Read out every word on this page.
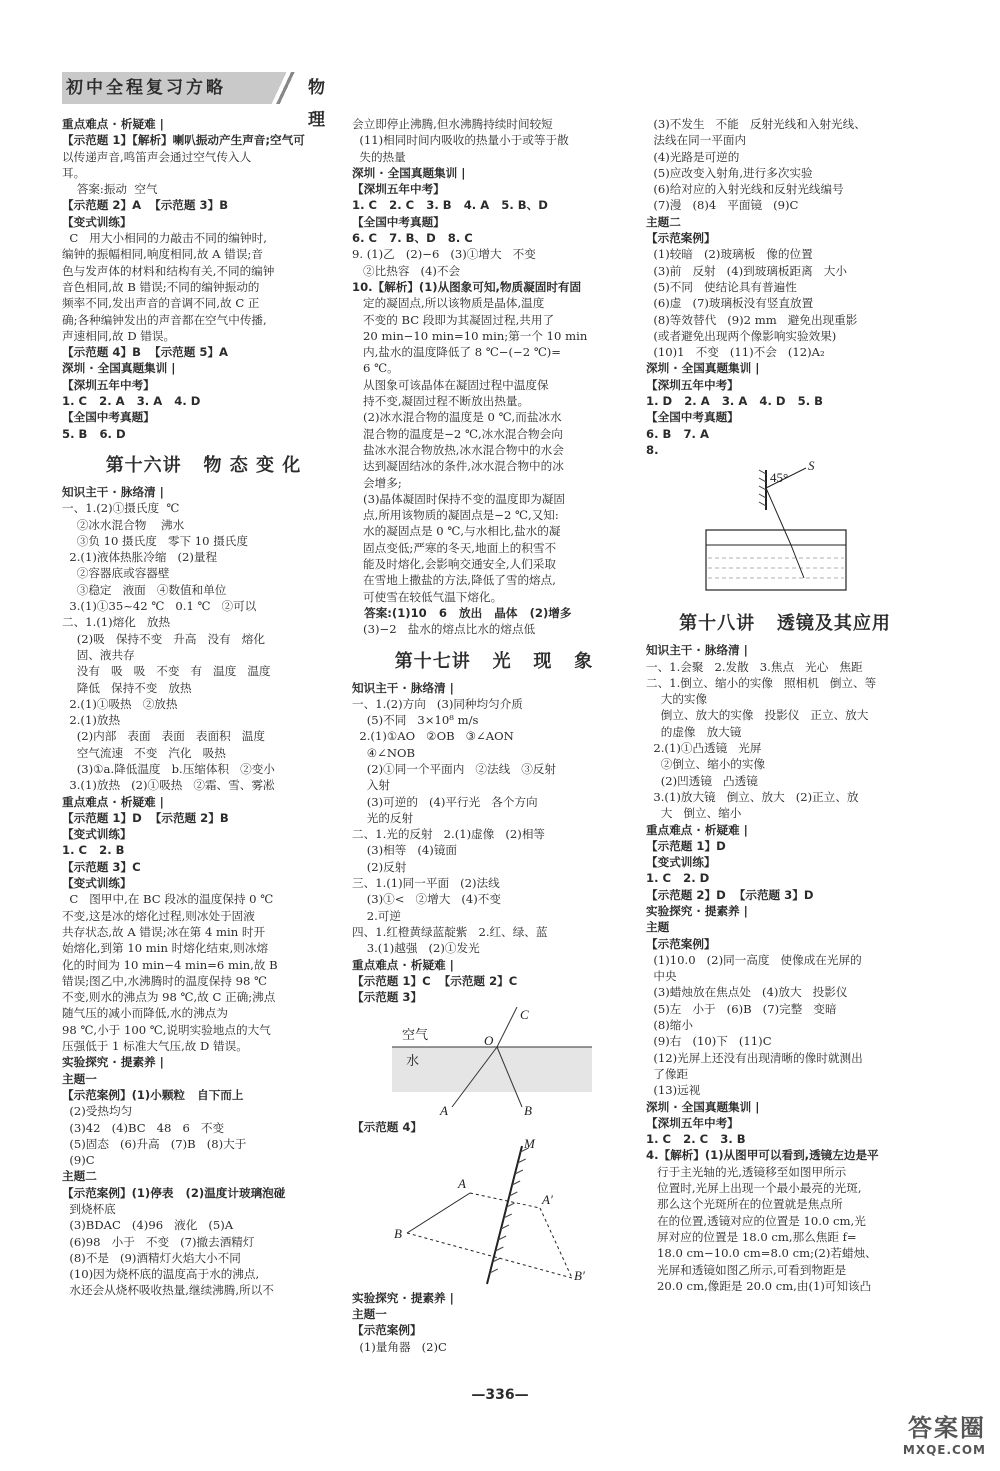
初中全程复习方略	物理
重点难点 · 析疑难 |
【示范题 1】【解析】喇叭振动产生声音;空气可
以传递声音,鸣笛声会通过空气传入人
耳。
答案:振动  空气
【示范题 2】A  【示范题 3】B
【变式训练】
C   用大小相同的力敲击不同的编钟时,
编钟的振幅相同,响度相同,故 A 错误;音
色与发声体的材料和结构有关,不同的编钟
音色相同,故 B 错误;不同的编钟振动的
频率不同,发出声音的音调不同,故 C 正
确;各种编钟发出的声音都在空气中传播,
声速相同,故 D 错误。
【示范题 4】B  【示范题 5】A
深圳 · 全国真题集训 |
【深圳五年中考】
1. C   2. A   3. A   4. D
【全国中考真题】
5. B   6. D
第十六讲   物 态 变 化
知识主干 · 脉络清 |
一、1.(2)①摄氏度  ℃
②冰水混合物    沸水
③负 10 摄氏度   零下 10 摄氏度
2.(1)液体热胀冷缩   (2)量程
②容器底或容器壁
③稳定   液面   ④数值和单位
3.(1)①35~42 ℃   0.1 ℃   ②可以
二、1.(1)熔化   放热
(2)吸   保持不变   升高   没有   熔化
固、液共存
没有   吸   吸   不变   有   温度   温度
降低   保持不变   放热
2.(1)①吸热   ②放热
2.(1)放热
(2)内部   表面   表面   表面积   温度
空气流速   不变   汽化   吸热
(3)①a.降低温度   b.压缩体积   ②变小
3.(1)放热   (2)①吸热   ②霜、雪、雾凇
重点难点 · 析疑难 |
【示范题 1】D  【示范题 2】B
【变式训练】
1. C   2. B
【示范题 3】C
【变式训练】
C   图甲中,在 BC 段冰的温度保持 0 ℃
不变,这是冰的熔化过程,则冰处于固液
共存状态,故 A 错误;冰在第 4 min 时开
始熔化,到第 10 min 时熔化结束,则冰熔
化的时间为 10 min−4 min=6 min,故 B
错误;图乙中,水沸腾时的温度保持 98 ℃
不变,则水的沸点为 98 ℃,故 C 正确;沸点
随气压的减小而降低,水的沸点为
98 ℃,小于 100 ℃,说明实验地点的大气
压强低于 1 标准大气压,故 D 错误。
实验探究 · 提素养 |
主题一
【示范案例】(1)小颗粒   自下而上
(2)受热均匀
(3)42   (4)BC   48   6   不变
(5)固态   (6)升高   (7)B   (8)大于
(9)C
主题二
【示范案例】(1)停表   (2)温度计玻璃泡碰
到烧杯底
(3)BDAC   (4)96   液化   (5)A
(6)98   小于   不变   (7)撤去酒精灯
(8)不是   (9)酒精灯火焰大小不同
(10)因为烧杯底的温度高于水的沸点,
水还会从烧杯吸收热量,继续沸腾,所以不
会立即停止沸腾,但水沸腾持续时间较短
(11)相同时间内吸收的热量小于或等于散
失的热量
深圳 · 全国真题集训 |
【深圳五年中考】
1. C   2. C   3. B   4. A   5. B、D
【全国中考真题】
6. C   7. B、D   8. C
9. (1)乙   (2)−6   (3)①增大   不变
②比热容   (4)不会
10.【解析】(1)从图象可知,物质凝固时有固
定的凝固点,所以该物质是晶体,温度
不变的 BC 段即为其凝固过程,共用了
20 min−10 min=10 min;第一个 10 min
内,盐水的温度降低了 8 ℃−(−2 ℃)=
6 ℃。
从图象可该晶体在凝固过程中温度保
持不变,凝固过程不断放出热量。
(2)冰水混合物的温度是 0 ℃,而盐冰水
混合物的温度是−2 ℃,冰水混合物会向
盐冰水混合物放热,冰水混合物中的水会
达到凝固结冰的条件,冰水混合物中的冰
会增多;
(3)晶体凝固时保持不变的温度即为凝固
点,所用该物质的凝固点是−2 ℃,又知:
水的凝固点是 0 ℃,与水相比,盐水的凝
固点变低;严寒的冬天,地面上的积雪不
能及时熔化,会影响交通安全,人们采取
在雪地上撒盐的方法,降低了雪的熔点,
可使雪在较低气温下熔化。
答案:(1)10   6   放出   晶体   (2)增多
(3)−2   盐水的熔点比水的熔点低
第十七讲   光   现   象
知识主干 · 脉络清 |
一、1.(2)方向   (3)同种均匀介质
(5)不同   3×10⁸ m/s
2.(1)①AO   ②OB   ③∠AON
④∠NOB
(2)①同一个平面内   ②法线   ③反射
入射
(3)可逆的   (4)平行光   各个方向
光的反射
二、1.光的反射   2.(1)虚像   (2)相等
(3)相等   (4)镜面
(2)反射
三、1.(1)同一平面   (2)法线
(3)①<   ②增大   (4)不变
2.可逆
四、1.红橙黄绿蓝靛紫   2.红、绿、蓝
3.(1)越强   (2)①发光
重点难点 · 析疑难 |
【示范题 1】C  【示范题 2】C
【示范题 3】
空气
水
O
C
A	B
【示范题 4】
M
A
A′
B
B′
实验探究 · 提素养 |
主题一
【示范案例】
(1)量角器   (2)C
(3)不发生   不能   反射光线和入射光线、
法线在同一平面内
(4)光路是可逆的
(5)应改变入射角,进行多次实验
(6)给对应的入射光线和反射光线编号
(7)漫   (8)4   平面镜   (9)C
主题二
【示范案例】
(1)较暗   (2)玻璃板   像的位置
(3)前   反射   (4)到玻璃板距离   大小
(5)不同   使结论具有普遍性
(6)虚   (7)玻璃板没有竖直放置
(8)等效替代   (9)2 mm   避免出现重影
(或者避免出现两个像影响实验效果)
(10)1   不变   (11)不会   (12)A₂
深圳 · 全国真题集训 |
【深圳五年中考】
1. D   2. A   3. A   4. D   5. B
【全国中考真题】
6. B   7. A
8.
45°
S
第十八讲   透镜及其应用
知识主干 · 脉络清 |
一、1.会聚   2.发散   3.焦点   光心   焦距
二、1.倒立、缩小的实像   照相机   倒立、等
大的实像
倒立、放大的实像   投影仪   正立、放大
的虚像   放大镜
2.(1)①凸透镜   光屏
②倒立、缩小的实像
(2)凹透镜   凸透镜
3.(1)放大镜   倒立、放大   (2)正立、放
大   倒立、缩小
重点难点 · 析疑难 |
【示范题 1】D
【变式训练】
1. C   2. D
【示范题 2】D  【示范题 3】D
实验探究 · 提素养 |
主题
【示范案例】
(1)10.0   (2)同一高度   使像成在光屏的
中央
(3)蜡烛放在焦点处   (4)放大   投影仪
(5)左   小于   (6)B   (7)完整   变暗
(8)缩小
(9)右   (10)下   (11)C
(12)光屏上还没有出现清晰的像时就测出
了像距
(13)远视
深圳 · 全国真题集训 |
【深圳五年中考】
1. C   2. C   3. B
4.【解析】(1)从图甲可以看到,透镜左边是平
行于主光轴的光,透镜移至如图甲所示
位置时,光屏上出现一个最小最亮的光斑,
那么这个光斑所在的位置就是焦点所
在的位置,透镜对应的位置是 10.0 cm,光
屏对应的位置是 18.0 cm,那么焦距 f=
18.0 cm−10.0 cm=8.0 cm;(2)若蜡烛、
光屏和透镜如图乙所示,可看到物距是
20.0 cm,像距是 20.0 cm,由(1)可知该凸
—336—
答案圈
MXQE.COM
